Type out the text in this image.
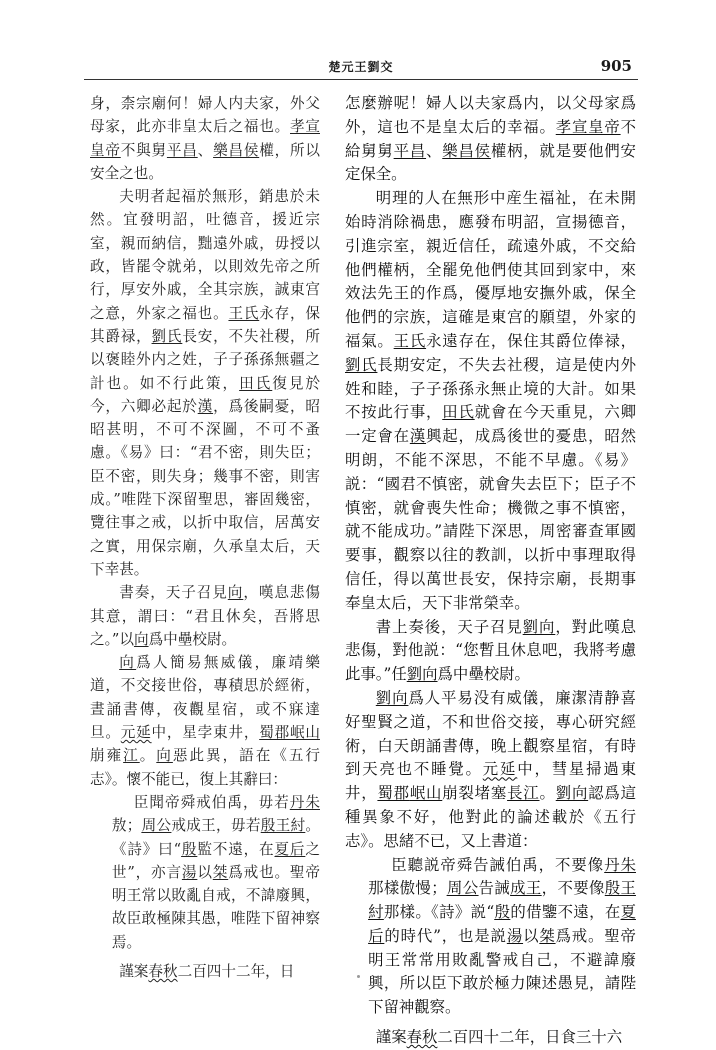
楚元王劉交	905

身，柰宗廟何！婦人内夫家，外父母家，此亦非皇太后之福也。孝宣皇帝不與舅平昌、樂昌侯權，所以安全之也。

夫明者起福於無形，銷患於未然。宜發明詔，吐德音，援近宗室，親而納信，黜遠外戚，毋授以政，皆罷令就弟，以則效先帝之所行，厚安外戚，全其宗族，誠東宫之意，外家之福也。王氏永存，保其爵禄，劉氏長安，不失社稷，所以褒睦外内之姓，子子孫孫無疆之計也。如不行此策，田氏復見於今，六卿必起於漢，爲後嗣憂，昭昭甚明，不可不深圖，不可不蚤慮。《易》曰：“君不密，則失臣；臣不密，則失身；幾事不密，則害成。”唯陛下深留聖思，審固幾密，覽往事之戒，以折中取信，居萬安之實，用保宗廟，久承皇太后，天下幸甚。

書奏，天子召見向，嘆息悲傷其意，謂曰：“君且休矣，吾將思之。”以向爲中壘校尉。

向爲人簡易無威儀，廉靖樂道，不交接世俗，專積思於經術，晝誦書傳，夜觀星宿，或不寐達旦。元延中，星孛東井，蜀郡岷山崩雍江。向惡此異，語在《五行志》。懷不能已，復上其辭曰：

臣聞帝舜戒伯禹，毋若丹朱敖；周公戒成王，毋若殷王紂。《詩》曰“殷監不遠，在夏后之世”，亦言湯以桀爲戒也。聖帝明王常以敗亂自戒，不諱廢興，故臣敢極陳其愚，唯陛下留神察焉。

謹案春秋二百四十二年，日

怎麼辦呢！婦人以夫家爲内，以父母家爲外，這也不是皇太后的幸福。孝宣皇帝不給舅舅平昌、樂昌侯權柄，就是要他們安定保全。

明理的人在無形中産生福祉，在未開始時消除禍患，應發布明詔，宣揚德音，引進宗室，親近信任，疏遠外戚，不交給他們權柄，全罷免他們使其回到家中，來效法先王的作爲，優厚地安撫外戚，保全他們的宗族，這確是東宫的願望，外家的福氣。王氏永遠存在，保住其爵位俸禄，劉氏長期安定，不失去社稷，這是使内外姓和睦，子子孫孫永無止境的大計。如果不按此行事，田氏就會在今天重見，六卿一定會在漢興起，成爲後世的憂患，昭然明朗，不能不深思，不能不早慮。《易》説：“國君不慎密，就會失去臣下；臣子不慎密，就會喪失性命；機微之事不慎密，就不能成功。”請陛下深思，周密審查軍國要事，觀察以往的教訓，以折中事理取得信任，得以萬世長安，保持宗廟，長期事奉皇太后，天下非常榮幸。

書上奏後，天子召見劉向，對此嘆息悲傷，對他説：“您暫且休息吧，我將考慮此事。”任劉向爲中壘校尉。

劉向爲人平易没有威儀，廉潔清静喜好聖賢之道，不和世俗交接，專心研究經術，白天朗誦書傳，晚上觀察星宿，有時到天亮也不睡覺。元延中，彗星掃過東井，蜀郡岷山崩裂堵塞長江。劉向認爲這種異象不好，他對此的論述載於《五行志》。思緒不已，又上書道：

臣聽説帝舜告誡伯禹，不要像丹朱那樣傲慢；周公告誡成王，不要像殷王紂那樣。《詩》説“殷的借鑒不遠，在夏后的時代”，也是説湯以桀爲戒。聖帝明王常常用敗亂警戒自己，不避諱廢興，所以臣下敢於極力陳述愚見，請陛下留神觀察。

謹案春秋二百四十二年，日食三十六
